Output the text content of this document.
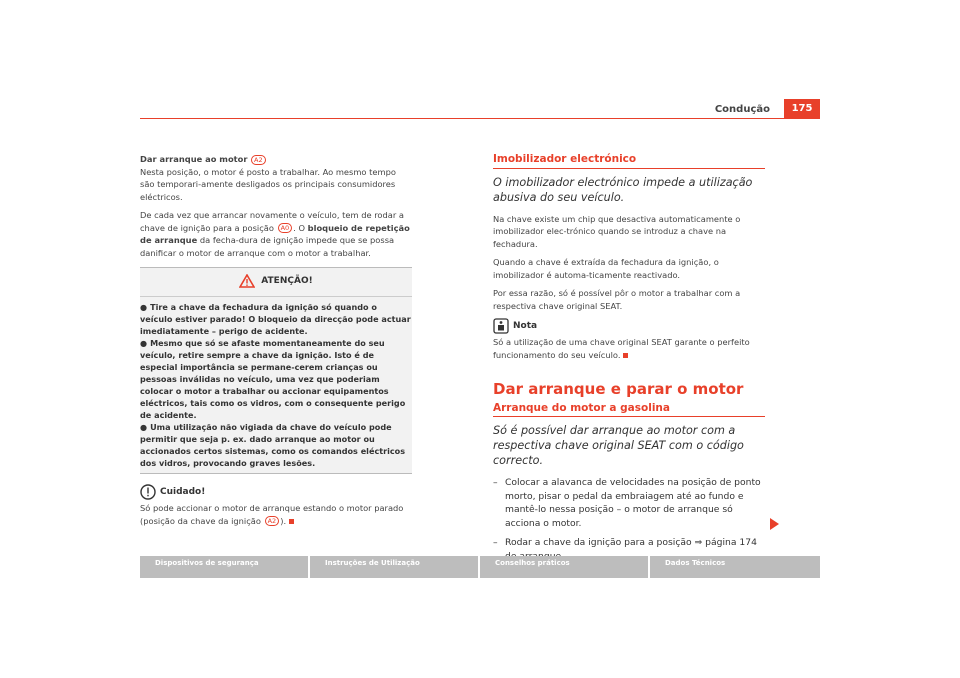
Condução	175

Dar arranque ao motor A2
Nesta posição, o motor é posto a trabalhar. Ao mesmo tempo são temporari-amente desligados os principais consumidores eléctricos.

De cada vez que arrancar novamente o veículo, tem de rodar a chave de ignição para a posição A0 . O bloqueio de repetição de arranque da fecha-dura de ignição impede que se possa danificar o motor de arranque com o motor a trabalhar.

ATENÇÃO!
● Tire a chave da fechadura da ignição só quando o veículo estiver parado! O bloqueio da direcção pode actuar imediatamente – perigo de acidente.
● Mesmo que só se afaste momentaneamente do seu veículo, retire sempre a chave da ignição. Isto é de especial importância se permane-cerem crianças ou pessoas inválidas no veículo, uma vez que poderiam colocar o motor a trabalhar ou accionar equipamentos eléctricos, tais como os vidros, com o consequente perigo de acidente.
● Uma utilização não vigiada da chave do veículo pode permitir que seja p. ex. dado arranque ao motor ou accionados certos sistemas, como os comandos eléctricos dos vidros, provocando graves lesões.
Cuidado!

Só pode accionar o motor de arranque estando o motor parado (posição da chave da ignição A2 ).

Imobilizador electrónico
O imobilizador electrónico impede a utilização abusiva do seu veículo.

Na chave existe um chip que desactiva automaticamente o imobilizador elec-trónico quando se introduz a chave na fechadura.

Quando a chave é extraída da fechadura da ignição, o imobilizador é automa-ticamente reactivado.

Por essa razão, só é possível pôr o motor a trabalhar com a respectiva chave original SEAT.

Nota

Só a utilização de uma chave original SEAT garante o perfeito funcionamento do seu veículo.

Dar arranque e parar o motor
Arranque do motor a gasolina
Só é possível dar arranque ao motor com a respectiva chave original SEAT com o código correcto.
– Colocar a alavanca de velocidades na posição de ponto morto, pisar o pedal da embraiagem até ao fundo e mantê-lo nessa posição – o motor de arranque só acciona o motor.
– Rodar a chave da ignição para a posição ⇒ página 174
Dispositivos de segurança	Instruções de Utilização	Conselhos práticos	Dados Técnicos
